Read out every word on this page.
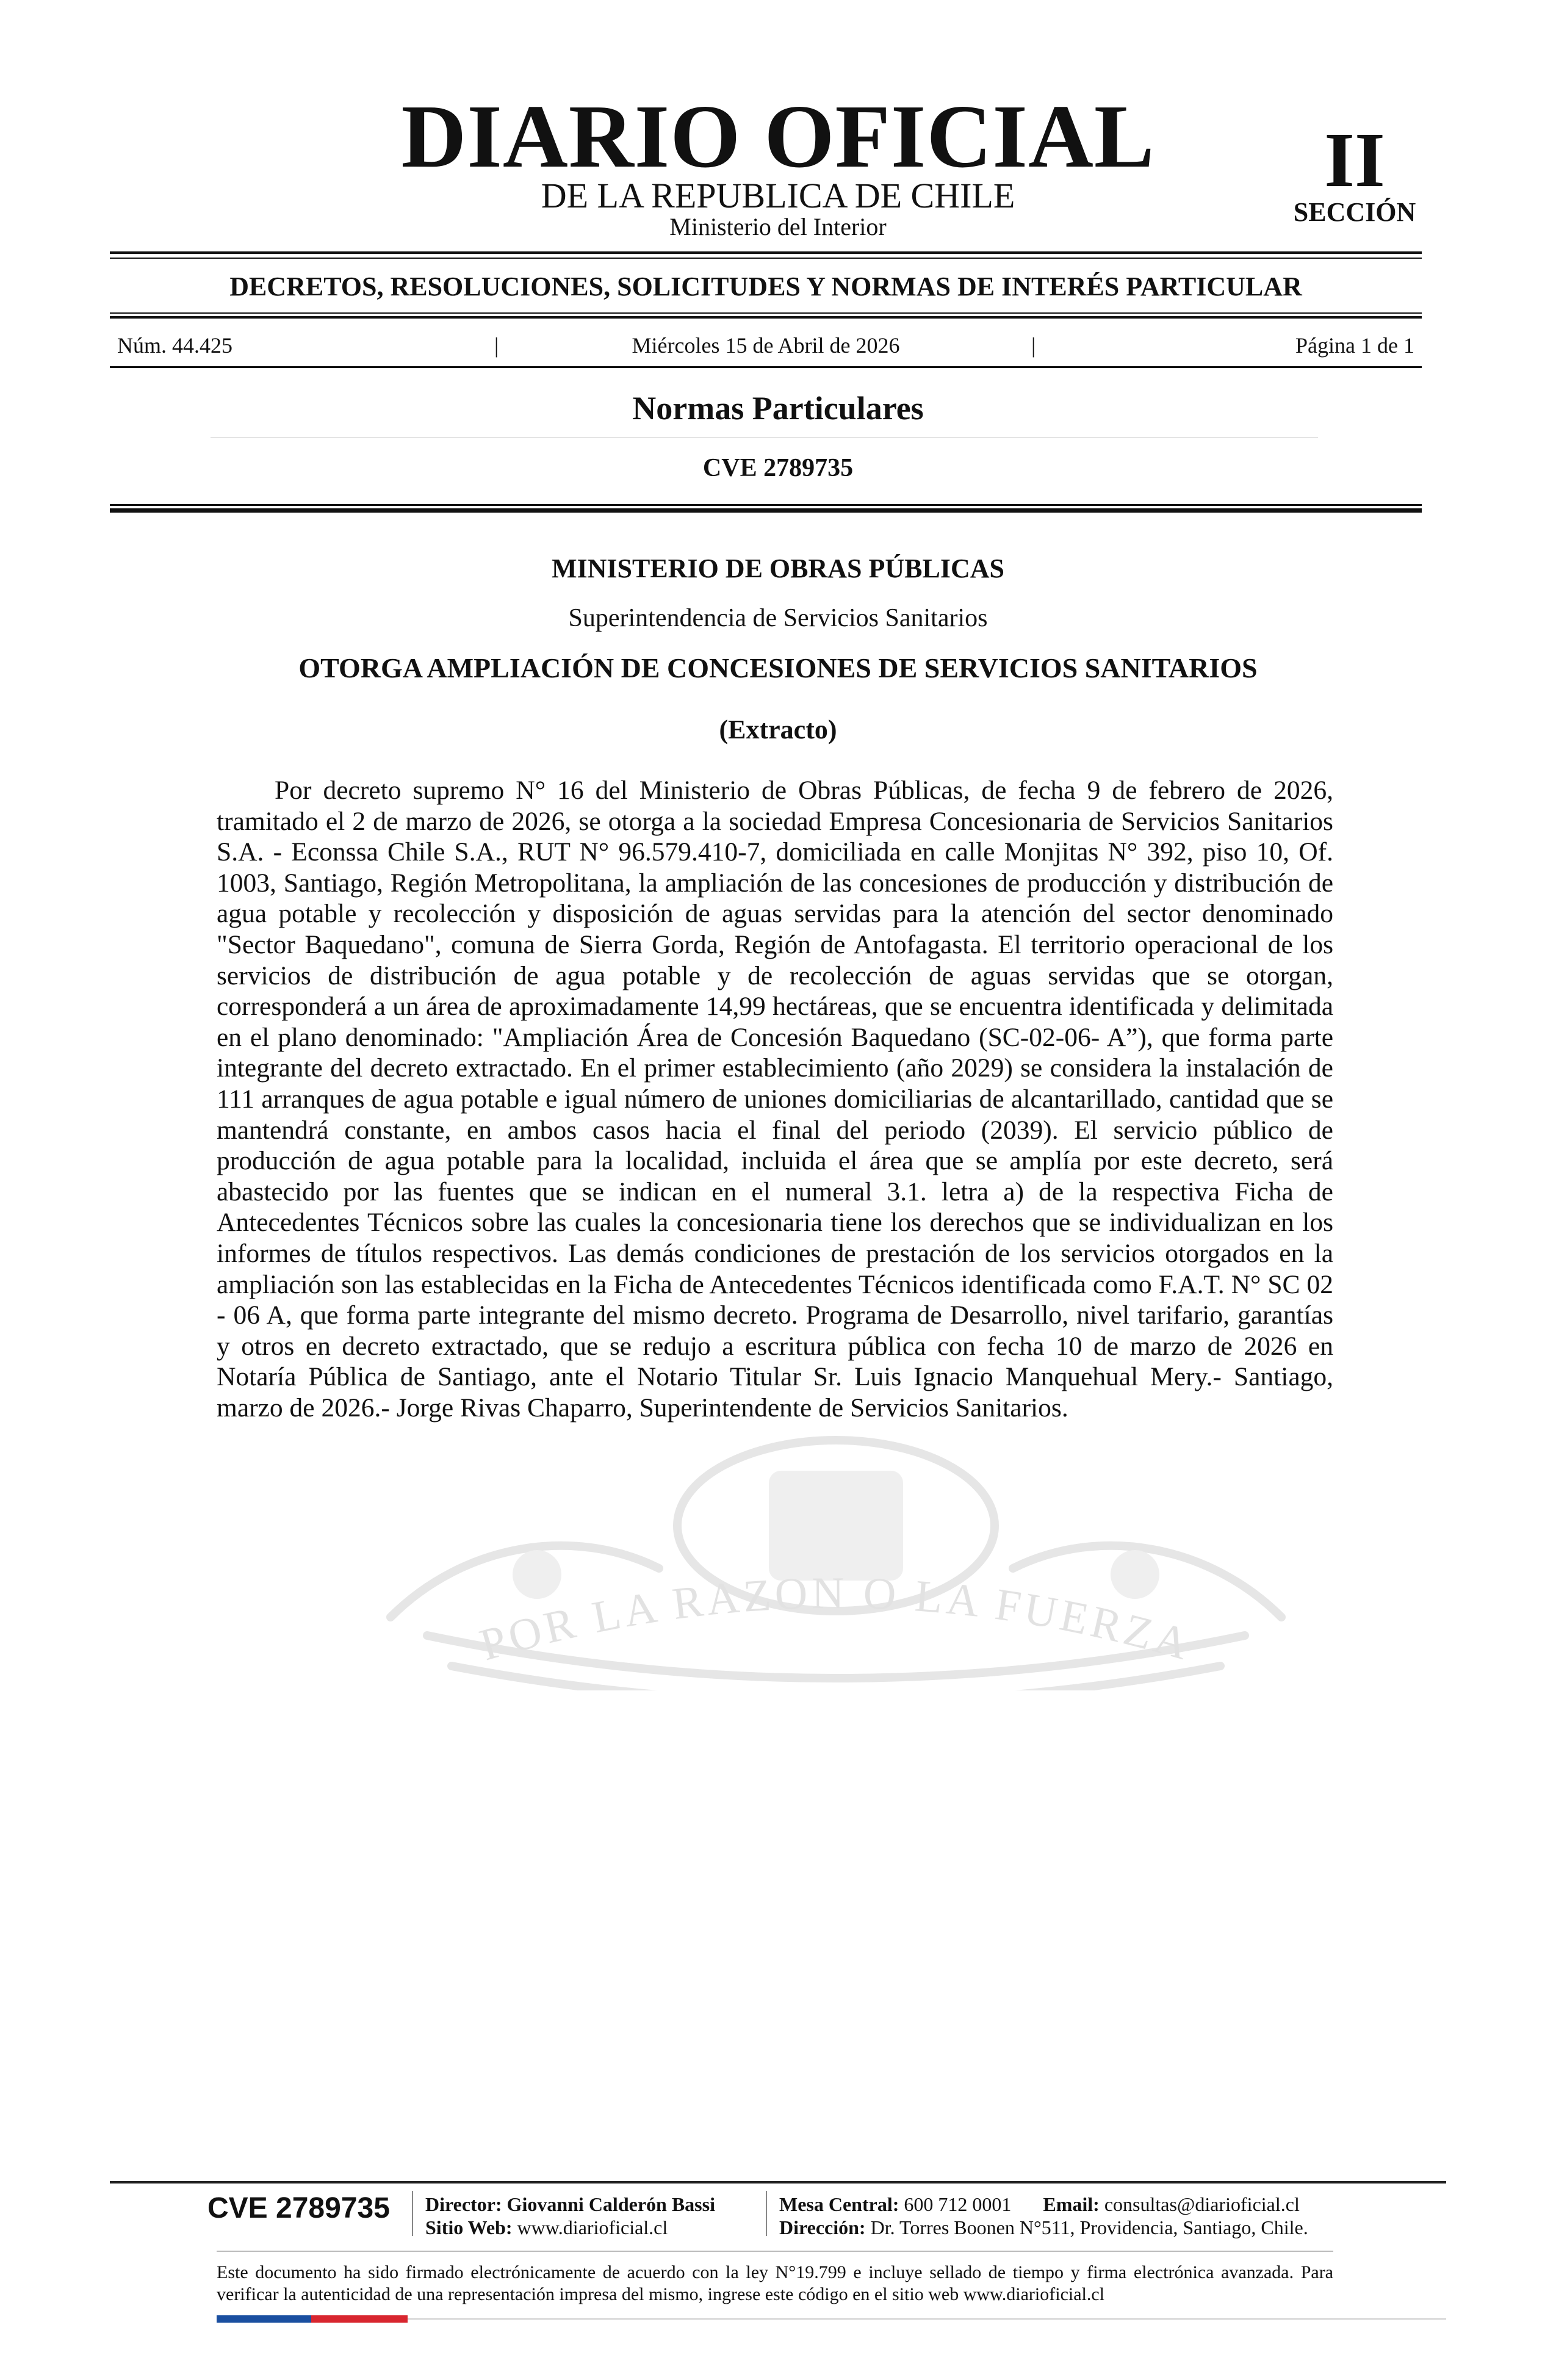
DIARIO OFICIAL
DE LA REPUBLICA DE CHILE
Ministerio del Interior
II
SECCIÓN
DECRETOS, RESOLUCIONES, SOLICITUDES Y NORMAS DE INTERÉS PARTICULAR
Núm. 44.425	|	Miércoles 15 de Abril de 2026	|	Página 1 de 1
Normas Particulares
CVE 2789735
POR LA RAZON O LA FUERZA
MINISTERIO DE OBRAS PÚBLICAS
Superintendencia de Servicios Sanitarios
OTORGA AMPLIACIÓN DE CONCESIONES DE SERVICIOS SANITARIOS
(Extracto)

Por decreto supremo N° 16 del Ministerio de Obras Públicas, de fecha 9 de febrero de 2026, tramitado el 2 de marzo de 2026, se otorga a la sociedad Empresa Concesionaria de Servicios Sanitarios S.A. - Econssa Chile S.A., RUT N° 96.579.410-7, domiciliada en calle Monjitas N° 392, piso 10, Of. 1003, Santiago, Región Metropolitana, la ampliación de las concesiones de producción y distribución de agua potable y recolección y disposición de aguas servidas para la atención del sector denominado "Sector Baquedano", comuna de Sierra Gorda, Región de Antofagasta. El territorio operacional de los servicios de distribución de agua potable y de recolección de aguas servidas que se otorgan, corresponderá a un área de aproximadamente 14,99 hectáreas, que se encuentra identificada y delimitada en el plano denominado: "Ampliación Área de Concesión Baquedano (SC-02-06- A”), que forma parte integrante del decreto extractado. En el primer establecimiento (año 2029) se considera la instalación de 111 arranques de agua potable e igual número de uniones domiciliarias de alcantarillado, cantidad que se mantendrá constante, en ambos casos hacia el final del periodo (2039). El servicio público de producción de agua potable para la localidad, incluida el área que se amplía por este decreto, será abastecido por las fuentes que se indican en el numeral 3.1. letra a) de la respectiva Ficha de Antecedentes Técnicos sobre las cuales la concesionaria tiene los derechos que se individualizan en los informes de títulos respectivos. Las demás condiciones de prestación de los servicios otorgados en la ampliación son las establecidas en la Ficha de Antecedentes Técnicos identificada como F.A.T. N° SC 02 - 06 A, que forma parte integrante del mismo decreto. Programa de Desarrollo, nivel tarifario, garantías y otros en decreto extractado, que se redujo a escritura pública con fecha 10 de marzo de 2026 en Notaría Pública de Santiago, ante el Notario Titular Sr. Luis Ignacio Manquehual Mery.- Santiago, marzo de 2026.- Jorge Rivas Chaparro, Superintendente de Servicios Sanitarios.

CVE 2789735 Director: Giovanni Calderón Bassi
Sitio Web: www.diarioficial.cl
Mesa Central: 600 712 0001 Email: consultas@diarioficial.cl
Dirección: Dr. Torres Boonen N°511, Providencia, Santiago, Chile.

Este documento ha sido firmado electrónicamente de acuerdo con la ley N°19.799 e incluye sellado de tiempo y firma electrónica avanzada. Para verificar la autenticidad de una representación impresa del mismo, ingrese este código en el sitio web www.diarioficial.cl
